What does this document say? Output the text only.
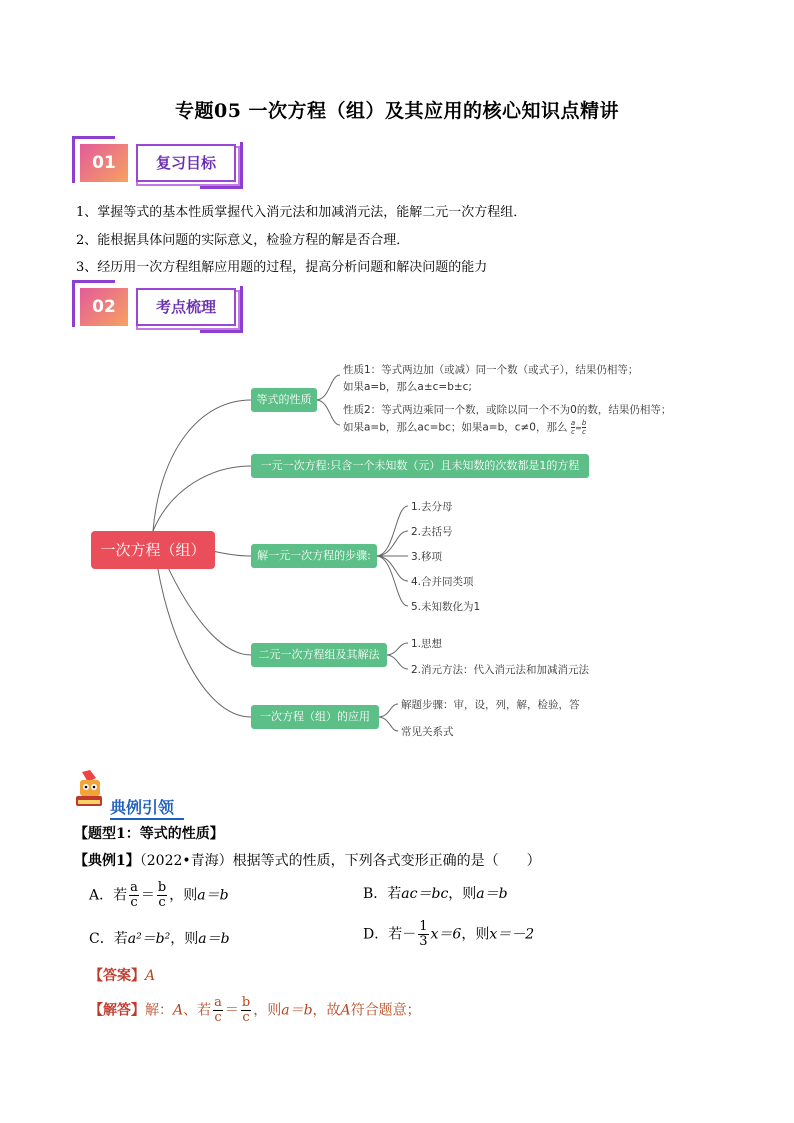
专题05 一次方程（组）及其应用的核心知识点精讲
01	复习目标
1、掌握等式的基本性质掌握代入消元法和加减消元法，能解二元一次方程组．
2、能根据具体问题的实际意义，检验方程的解是否合理．
3、经历用一次方程组解应用题的过程，提高分析问题和解决问题的能力
02	考点梳理
一次方程（组）
等式的性质
性质1：等式两边加（或减）同一个数（或式子），结果仍相等；
如果a=b，那么a±c=b±c;
性质2：等式两边乘同一个数，或除以同一个不为0的数，结果仍相等；
如果a=b，那么ac=bc；如果a=b，c≠0，那么 $\frac{a}{c} = \frac{b}{c}$
一元一次方程:只含一个未知数（元）且未知数的次数都是1的方程
解一元一次方程的步骤:
1.去分母
2.去括号
3.移项
4.合并同类项
5.未知数化为1
二元一次方程组及其解法
1.思想
2.消元方法：代入消元法和加减消元法
一次方程（组）的应用
解题步骤：审，设，列，解，检验，答
常见关系式
典例引领
【题型1：等式的性质】
【典例1】（2022•青海）根据等式的性质，下列各式变形正确的是（　　）
A．若 $\frac{a}{c} = \frac{b}{c}$ ，则a＝b	B．若ac＝bc，则a＝b
C．若a²＝b²，则a＝b	D．若－ $\frac{1}{3} x=6$，则x＝－2
【答案】A
【解答】解：A、若 $\frac{a}{c} = \frac{b}{c}$ ，则a＝b，故A符合题意；
